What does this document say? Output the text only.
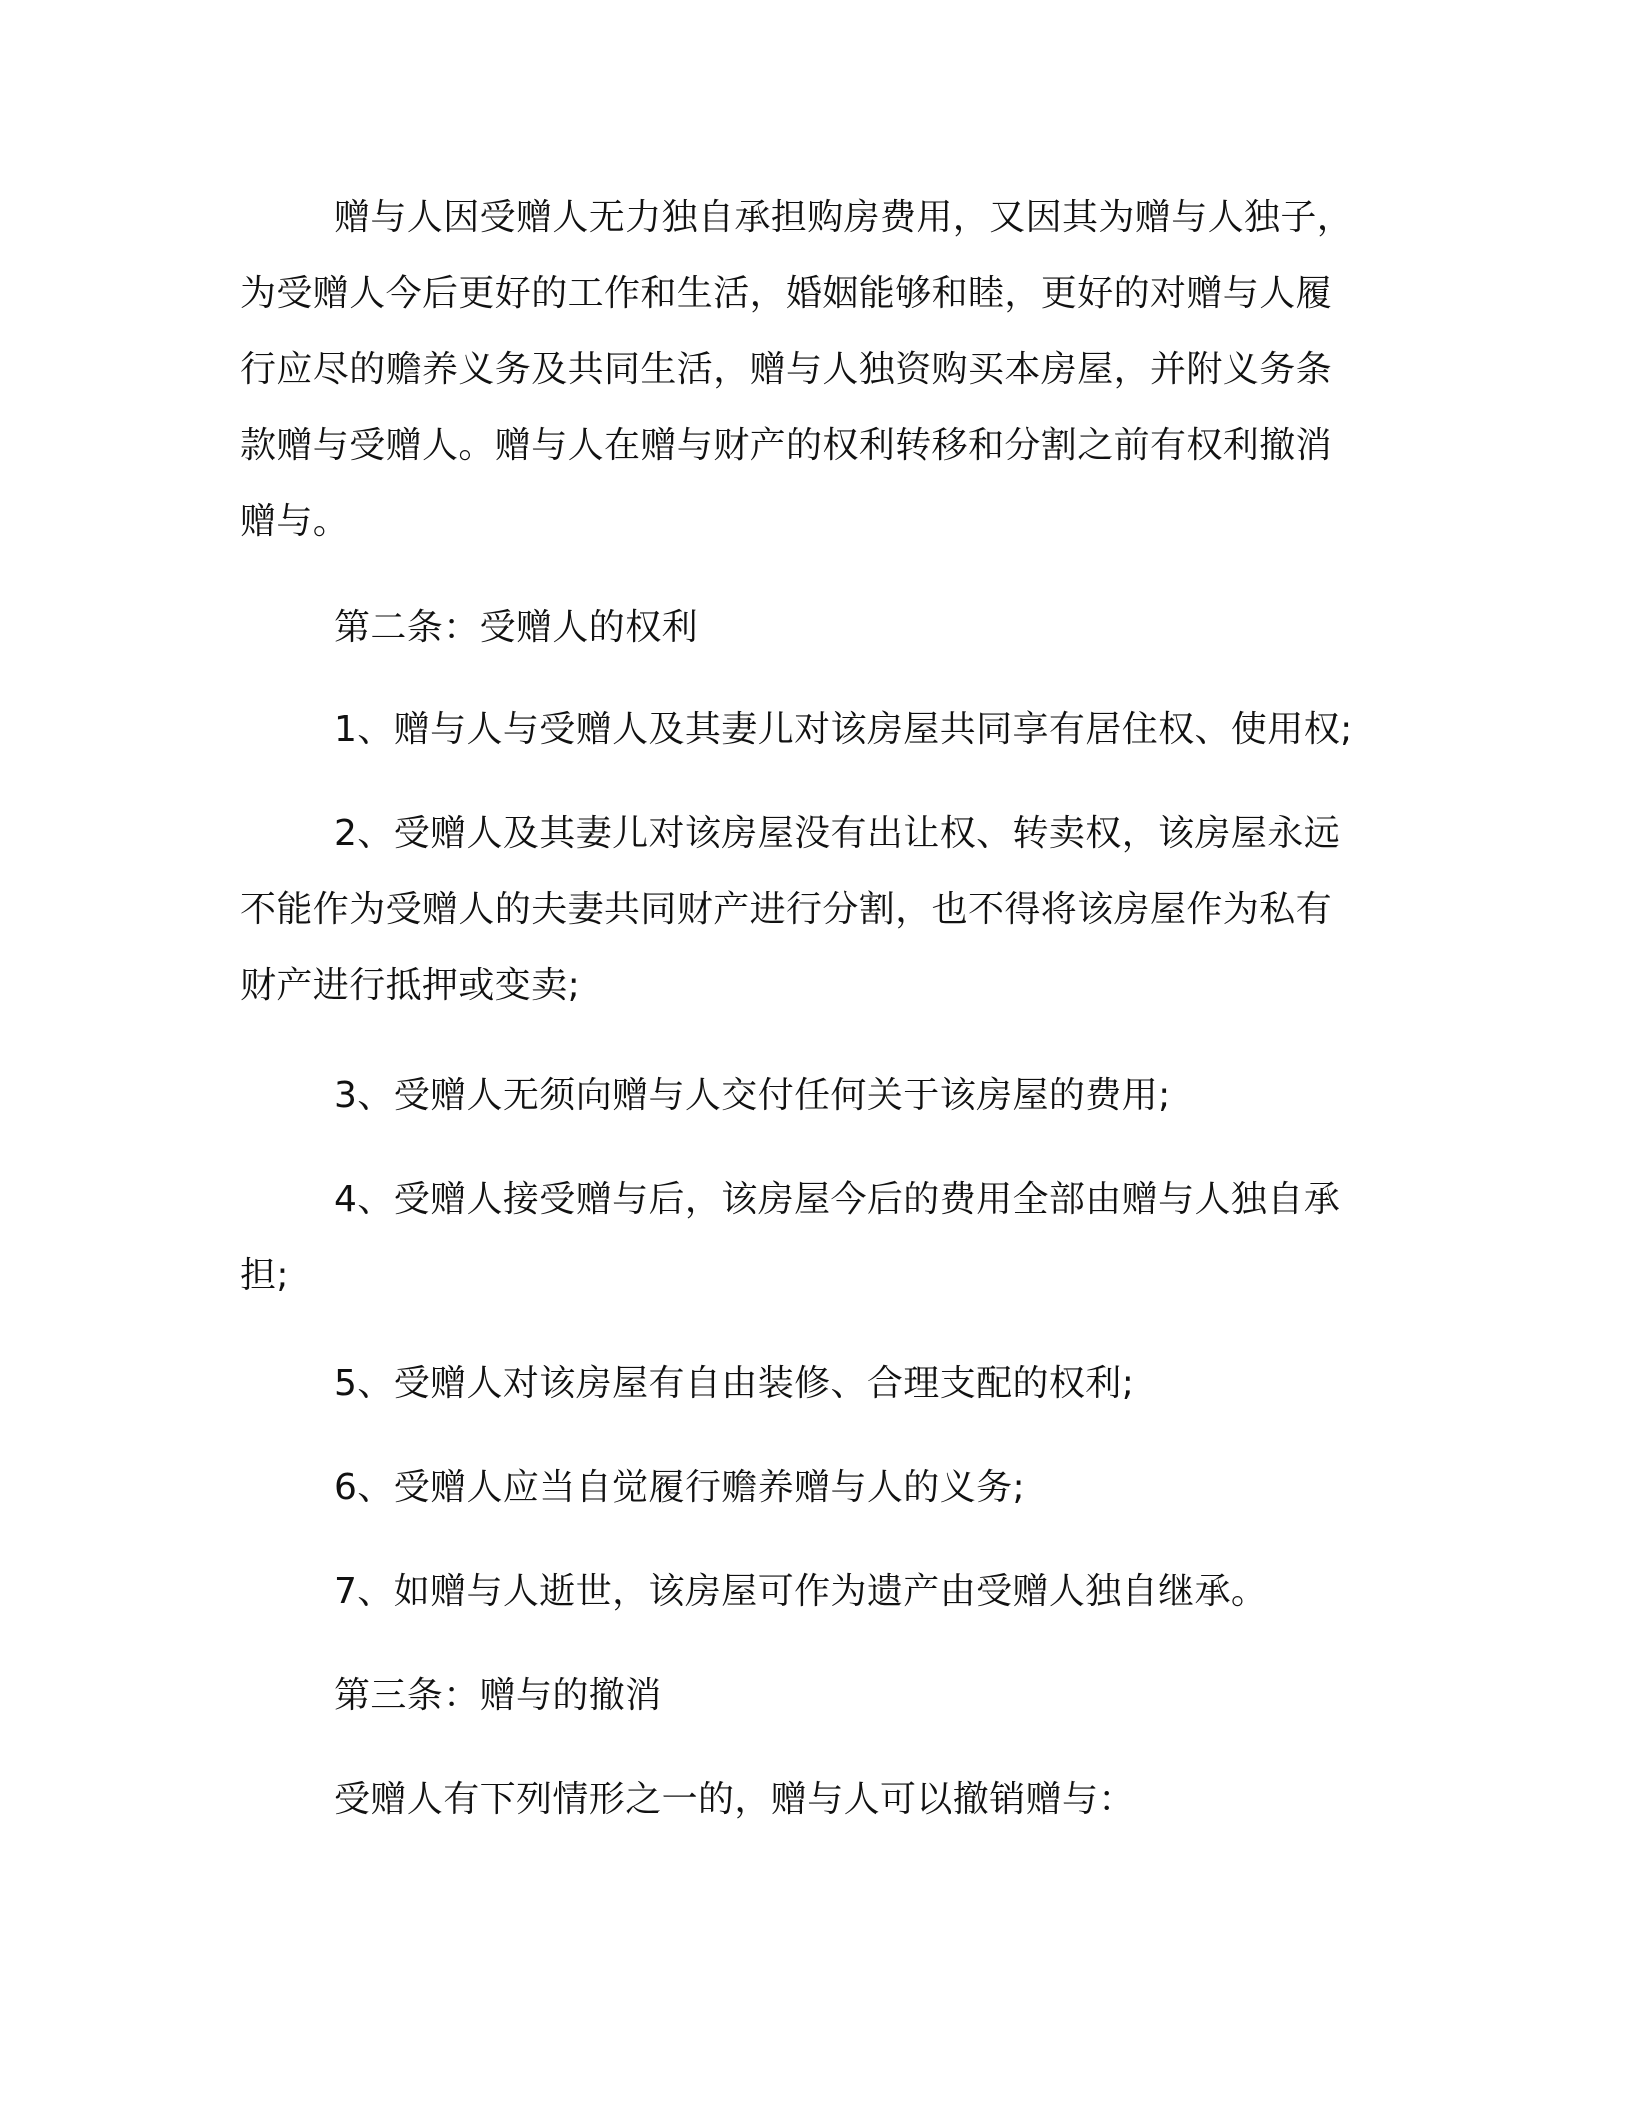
赠与人因受赠人无力独自承担购房费用，又因其为赠与人独子，
为受赠人今后更好的工作和生活，婚姻能够和睦，更好的对赠与人履
行应尽的赡养义务及共同生活，赠与人独资购买本房屋，并附义务条
款赠与受赠人。赠与人在赠与财产的权利转移和分割之前有权利撤消
赠与。
第二条：受赠人的权利
1、赠与人与受赠人及其妻儿对该房屋共同享有居住权、使用权;
2、受赠人及其妻儿对该房屋没有出让权、转卖权，该房屋永远
不能作为受赠人的夫妻共同财产进行分割，也不得将该房屋作为私有
财产进行抵押或变卖;
3、受赠人无须向赠与人交付任何关于该房屋的费用;
4、受赠人接受赠与后，该房屋今后的费用全部由赠与人独自承
担;
5、受赠人对该房屋有自由装修、合理支配的权利;
6、受赠人应当自觉履行赡养赠与人的义务;
7、如赠与人逝世，该房屋可作为遗产由受赠人独自继承。
第三条：赠与的撤消
受赠人有下列情形之一的，赠与人可以撤销赠与：
